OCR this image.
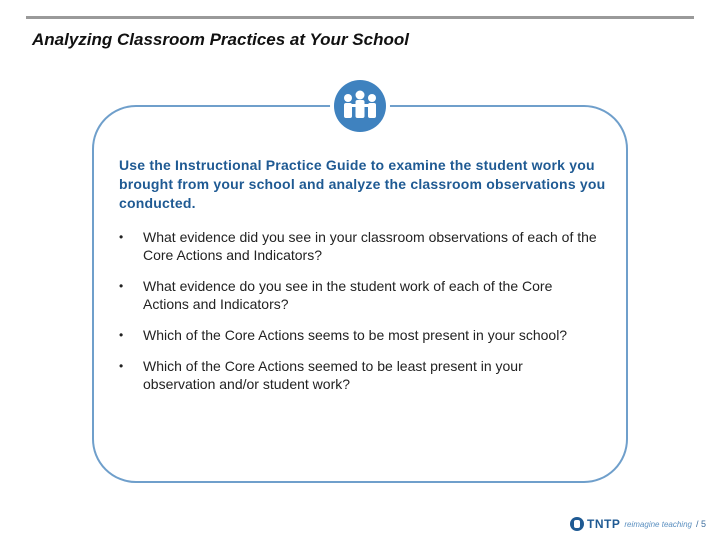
Analyzing Classroom Practices at Your School
Use the Instructional Practice Guide to examine the student work you brought from your school and analyze the classroom observations you conducted.
• What evidence did you see in your classroom observations of each of the Core Actions and Indicators?
• What evidence do you see in the student work of each of the Core Actions and Indicators?
• Which of the Core Actions seems to be most present in your school?
• Which of the Core Actions seemed to be least present in your observation and/or student work?
TNTP reimagine teaching / 5
